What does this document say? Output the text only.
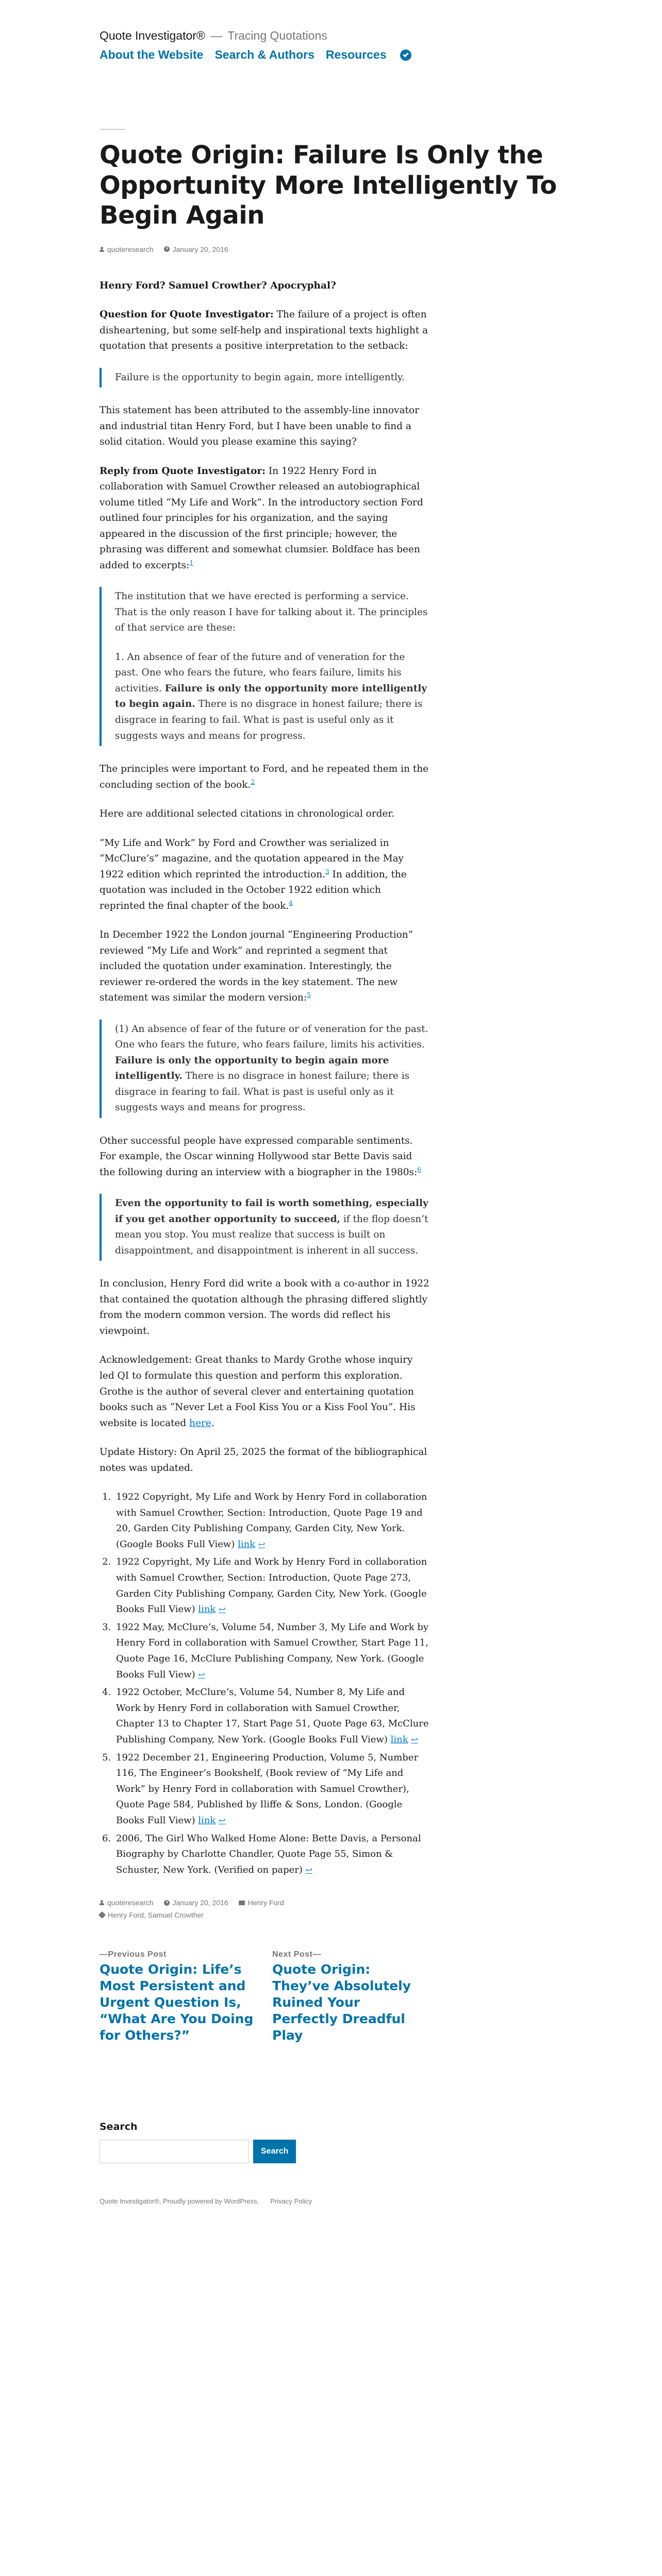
Quote Investigator® — Tracing Quotations
About the Website Search & Authors Resources
Quote Origin: Failure Is Only the Opportunity More Intelligently To Begin Again
quoteresearch	January 20, 2016

Henry Ford? Samuel Crowther? Apocryphal?

Question for Quote Investigator: The failure of a project is often disheartening, but some self-help and inspirational texts highlight a quotation that presents a positive interpretation to the setback:

Failure is the opportunity to begin again, more intelligently.

This statement has been attributed to the assembly-line innovator and industrial titan Henry Ford, but I have been unable to find a solid citation. Would you please examine this saying?

Reply from Quote Investigator: In 1922 Henry Ford in collaboration with Samuel Crowther released an autobiographical volume titled “My Life and Work”. In the introductory section Ford outlined four principles for his organization, and the saying appeared in the discussion of the first principle; however, the phrasing was different and somewhat clumsier. Boldface has been added to excerpts:$^1$

The institution that we have erected is performing a service. That is the only reason I have for talking about it. The principles of that service are these:

1. An absence of fear of the future and of veneration for the past. One who fears the future, who fears failure, limits his activities. Failure is only the opportunity more intelligently to begin again. There is no disgrace in honest failure; there is disgrace in fearing to fail. What is past is useful only as it suggests ways and means for progress.

The principles were important to Ford, and he repeated them in the concluding section of the book.$^2$

Here are additional selected citations in chronological order.

“My Life and Work” by Ford and Crowther was serialized in “McClure’s” magazine, and the quotation appeared in the May 1922 edition which reprinted the introduction.$^3$ In addition, the quotation was included in the October 1922 edition which reprinted the final chapter of the book.$^4$

In December 1922 the London journal “Engineering Production” reviewed “My Life and Work” and reprinted a segment that included the quotation under examination. Interestingly, the reviewer re-ordered the words in the key statement. The new statement was similar the modern version:$^5$

(1) An absence of fear of the future or of veneration for the past. One who fears the future, who fears failure, limits his activities. Failure is only the opportunity to begin again more intelligently. There is no disgrace in honest failure; there is disgrace in fearing to fail. What is past is useful only as it suggests ways and means for progress.

Other successful people have expressed comparable sentiments. For example, the Oscar winning Hollywood star Bette Davis said the following during an interview with a biographer in the 1980s:$^6$

Even the opportunity to fail is worth something, especially if you get another opportunity to succeed, if the flop doesn’t mean you stop. You must realize that success is built on disappointment, and disappointment is inherent in all success.

In conclusion, Henry Ford did write a book with a co-author in 1922 that contained the quotation although the phrasing differed slightly from the modern common version. The words did reflect his viewpoint.

Acknowledgement: Great thanks to Mardy Grothe whose inquiry led QI to formulate this question and perform this exploration. Grothe is the author of several clever and entertaining quotation books such as “Never Let a Fool Kiss You or a Kiss Fool You”. His website is located here.

Update History: On April 25, 2025 the format of the bibliographical notes was updated.

1. 1922 Copyright, My Life and Work by Henry Ford in collaboration with Samuel Crowther, Section: Introduction, Quote Page 19 and 20, Garden City Publishing Company, Garden City, New York. (Google Books Full View) link ↩
2. 1922 Copyright, My Life and Work by Henry Ford in collaboration with Samuel Crowther, Section: Introduction, Quote Page 273, Garden City Publishing Company, Garden City, New York. (Google Books Full View) link ↩
3. 1922 May, McClure’s, Volume 54, Number 3, My Life and Work by Henry Ford in collaboration with Samuel Crowther, Start Page 11, Quote Page 16, McClure Publishing Company, New York. (Google Books Full View) ↩
4. 1922 October, McClure’s, Volume 54, Number 8, My Life and Work by Henry Ford in collaboration with Samuel Crowther, Chapter 13 to Chapter 17, Start Page 51, Quote Page 63, McClure Publishing Company, New York. (Google Books Full View) link ↩
5. 1922 December 21, Engineering Production, Volume 5, Number 116, The Engineer’s Bookshelf, (Book review of “My Life and Work” by Henry Ford in collaboration with Samuel Crowther), Quote Page 584, Published by Iliffe & Sons, London. (Google Books Full View) link ↩
6. 2006, The Girl Who Walked Home Alone: Bette Davis, a Personal Biography by Charlotte Chandler, Quote Page 55, Simon & Schuster, New York. (Verified on paper) ↩
quoteresearch	January 20, 2016	Henry Ford
Henry Ford, Samuel Crowther
—Previous Post
Quote Origin: Life’s Most Persistent and Urgent Question Is, “What Are You Doing for Others?”
Next Post—
Quote Origin: They’ve Absolutely Ruined Your Perfectly Dreadful Play
Search
Search
Quote Investigator®, Proudly powered by WordPress. Privacy Policy
